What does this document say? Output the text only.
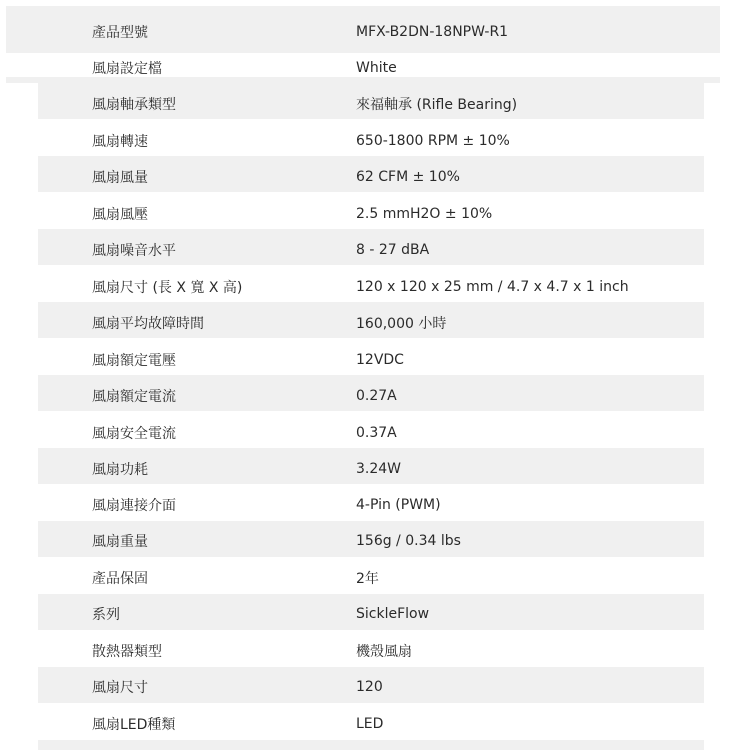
產品型號	MFX-B2DN-18NPW-R1
風扇設定檔	White
風扇軸承類型	來福軸承 (Rifle Bearing)
風扇轉速	650-1800 RPM ± 10%
風扇風量	62 CFM ± 10%
風扇風壓	2.5 mmH2O ± 10%
風扇噪音水平	8 - 27 dBA
風扇尺寸 (長 X 寬 X 高)	120 x 120 x 25 mm / 4.7 x 4.7 x 1 inch
風扇平均故障時間	160,000 小時
風扇額定電壓	12VDC
風扇額定電流	0.27A
風扇安全電流	0.37A
風扇功耗	3.24W
風扇連接介面	4-Pin (PWM)
風扇重量	156g / 0.34 lbs
產品保固	2年
系列	SickleFlow
散熱器類型	機殼風扇
風扇尺寸	120
風扇LED種類	LED
